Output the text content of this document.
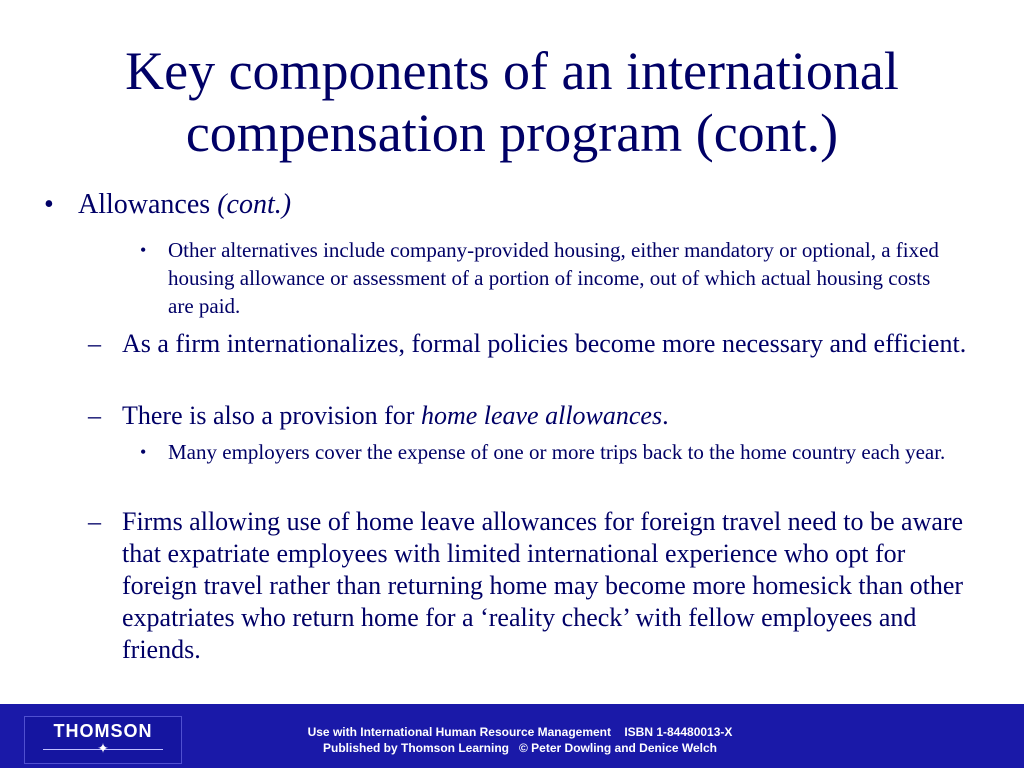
Key components of an international
compensation program (cont.)
• Allowances (cont.)
• Other alternatives include company-provided housing, either mandatory or optional, a fixed housing allowance or assessment of a portion of income, out of which actual housing costs are paid.
– As a firm internationalizes, formal policies become more necessary and efficient.
– There is also a provision for home leave allowances.
• Many employers cover the expense of one or more trips back to the home country each year.
– Firms allowing use of home leave allowances for foreign travel need to be aware that expatriate employees with limited international experience who opt for foreign travel rather than returning home may become more homesick than other expatriates who return home for a ‘reality check’ with fellow employees and friends.
THOMSON
✦
Use with International Human Resource Management    ISBN 1-84480013-X
Published by Thomson Learning   © Peter Dowling and Denice Welch
